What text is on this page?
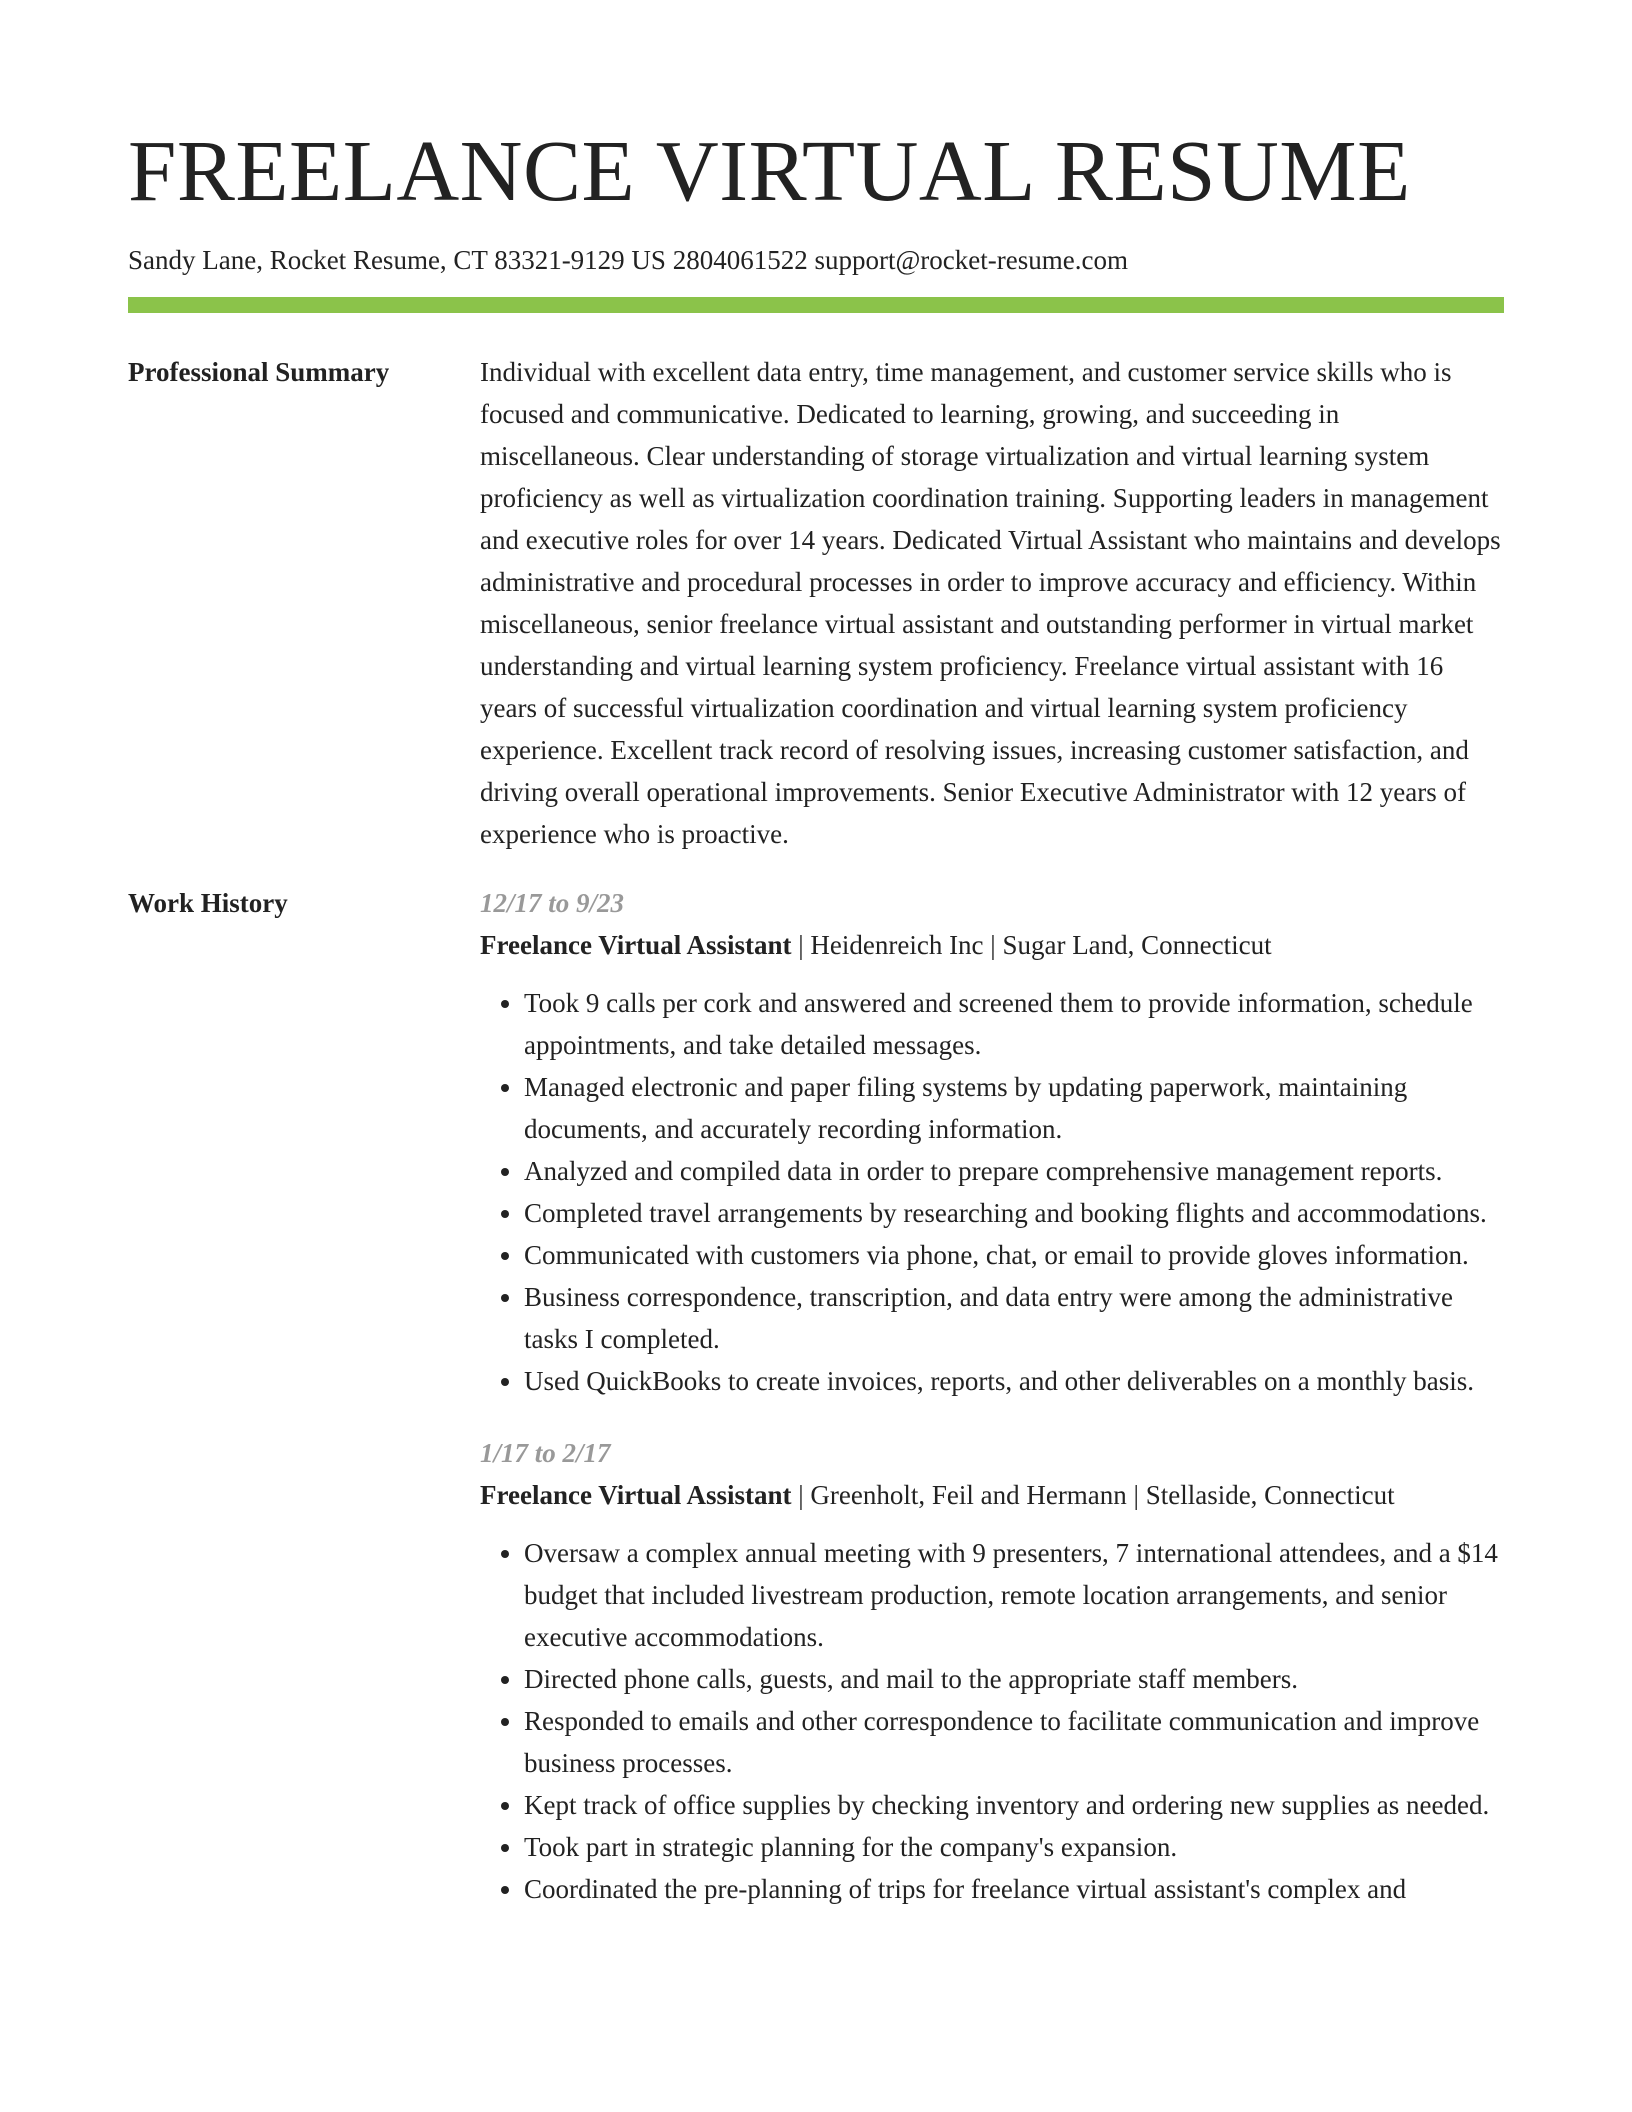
FREELANCE VIRTUAL RESUME
Sandy Lane, Rocket Resume, CT 83321-9129 US 2804061522 support@rocket-resume.com
Professional Summary	Individual with excellent data entry, time management, and customer service skills who is focused and communicative. Dedicated to learning, growing, and succeeding in miscellaneous. Clear understanding of storage virtualization and virtual learning system proficiency as well as virtualization coordination training. Supporting leaders in management and executive roles for over 14 years. Dedicated Virtual Assistant who maintains and develops administrative and procedural processes in order to improve accuracy and efficiency. Within miscellaneous, senior freelance virtual assistant and outstanding performer in virtual market understanding and virtual learning system proficiency. Freelance virtual assistant with 16 years of successful virtualization coordination and virtual learning system proficiency experience. Excellent track record of resolving issues, increasing customer satisfaction, and driving overall operational improvements. Senior Executive Administrator with 12 years of experience who is proactive.

Work History	12/17 to 9/23
Freelance Virtual Assistant | Heidenreich Inc | Sugar Land, Connecticut
• Took 9 calls per cork and answered and screened them to provide information, schedule appointments, and take detailed messages.
• Managed electronic and paper filing systems by updating paperwork, maintaining documents, and accurately recording information.
• Analyzed and compiled data in order to prepare comprehensive management reports.
• Completed travel arrangements by researching and booking flights and accommodations.
• Communicated with customers via phone, chat, or email to provide gloves information.
• Business correspondence, transcription, and data entry were among the administrative tasks I completed.
• Used QuickBooks to create invoices, reports, and other deliverables on a monthly basis.
1/17 to 2/17
Freelance Virtual Assistant | Greenholt, Feil and Hermann | Stellaside, Connecticut
• Oversaw a complex annual meeting with 9 presenters, 7 international attendees, and a $14 budget that included livestream production, remote location arrangements, and senior executive accommodations.
• Directed phone calls, guests, and mail to the appropriate staff members.
• Responded to emails and other correspondence to facilitate communication and improve business processes.
• Kept track of office supplies by checking inventory and ordering new supplies as needed.
• Took part in strategic planning for the company's expansion.
• Coordinated the pre-planning of trips for freelance virtual assistant's complex and
